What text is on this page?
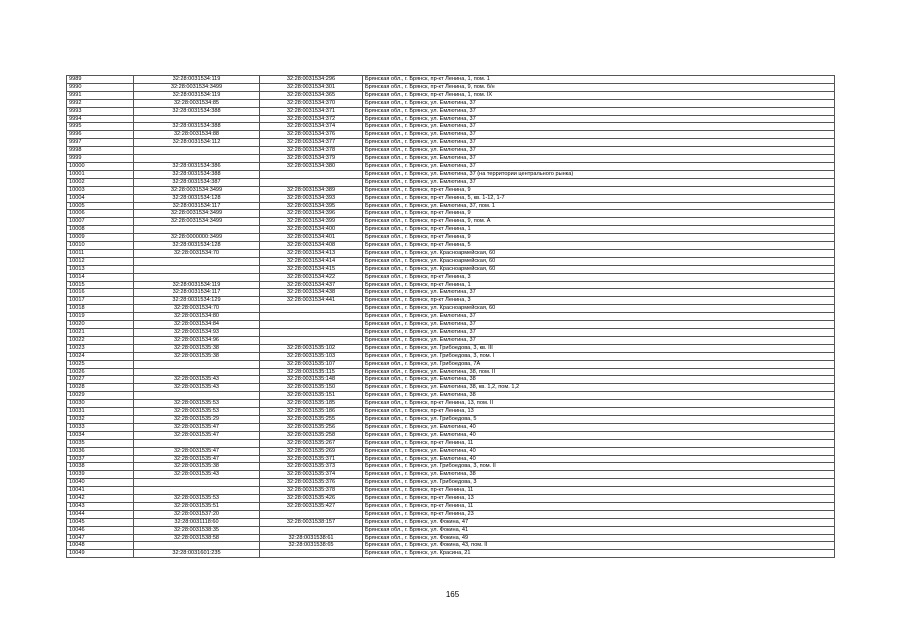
9989	32:28:0031534:119	32:28:0031534:296	Брянская обл., г. Брянск, пр-кт Ленина, 1, пом. 1
9990	32:28:0031534:3499	32:28:0031534:301	Брянская обл., г. Брянск, пр-кт Ленина, 9, пом. б/н
9991	32:28:0031534:119	32:28:0031534:365	Брянская обл., г. Брянск, пр-кт Ленина, 1, пом. IX
9992	32:28:0031534:85	32:28:0031534:370	Брянская обл., г. Брянск, ул. Емлютина, 37
9993	32:28:0031534:388	32:28:0031534:371	Брянская обл., г. Брянск, ул. Емлютина, 37
9994		32:28:0031534:372	Брянская обл., г. Брянск, ул. Емлютина, 37
9995	32:28:0031534:388	32:28:0031534:374	Брянская обл., г. Брянск, ул. Емлютина, 37
9996	32:28:0031534:88	32:28:0031534:376	Брянская обл., г. Брянск, ул. Емлютина, 37
9997	32:28:0031534:112	32:28:0031534:377	Брянская обл., г. Брянск, ул. Емлютина, 37
9998		32:28:0031534:378	Брянская обл., г. Брянск, ул. Емлютина, 37
9999		32:28:0031534:379	Брянская обл., г. Брянск, ул. Емлютина, 37
10000	32:28:0031534:386	32:28:0031534:380	Брянская обл., г. Брянск, ул. Емлютина, 37
10001	32:28:0031534:388		Брянская обл., г. Брянск, ул. Емлютина, 37 (на территории центрального рынка)
10002	32:28:0031534:387		Брянская обл., г. Брянск, ул. Емлютина, 37
10003	32:28:0031534:3499	32:28:0031534:389	Брянская обл., г. Брянск, пр-кт Ленина, 9
10004	32:28:0031534:128	32:28:0031534:393	Брянская обл., г. Брянск, пр-кт Ленина, 5, кв. 1-12, 1-7
10005	32:28:0031534:117	32:28:0031534:395	Брянская обл., г. Брянск, ул. Емлютина, 37, пом. 1
10006	32:28:0031534:3499	32:28:0031534:396	Брянская обл., г. Брянск, пр-кт Ленина, 9
10007	32:28:0031534:3499	32:28:0031534:399	Брянская обл., г. Брянск, пр-кт Ленина, 9, пом. А
10008		32:28:0031534:400	Брянская обл., г. Брянск, пр-кт Ленина, 1
10009	32:28:0000000:3499	32:28:0031534:401	Брянская обл., г. Брянск, пр-кт Ленина, 9
10010	32:28:0031534:128	32:28:0031534:408	Брянская обл., г. Брянск, пр-кт Ленина, 5
10011	32:28:0031534:70	32:28:0031534:413	Брянская обл., г. Брянск, ул. Красноармейская, 60
10012		32:28:0031534:414	Брянская обл., г. Брянск, ул. Красноармейская, 60
10013		32:28:0031534:415	Брянская обл., г. Брянск, ул. Красноармейская, 60
10014		32:28:0031534:422	Брянская обл., г. Брянск, пр-кт Ленина, 3
10015	32:28:0031534:119	32:28:0031534:437	Брянская обл., г. Брянск, пр-кт Ленина, 1
10016	32:28:0031534:117	32:28:0031534:438	Брянская обл., г. Брянск, ул. Емлютина, 37
10017	32:28:0031534:129	32:28:0031534:441	Брянская обл., г. Брянск, пр-кт Ленина, 3
10018	32:28:0031534:70		Брянская обл., г. Брянск, ул. Красноармейская, 60
10019	32:28:0031534:80		Брянская обл., г. Брянск, ул. Емлютина, 37
10020	32:28:0031534:84		Брянская обл., г. Брянск, ул. Емлютина, 37
10021	32:28:0031534:93		Брянская обл., г. Брянск, ул. Емлютина, 37
10022	32:28:0031534:96		Брянская обл., г. Брянск, ул. Емлютина, 37
10023	32:28:0031535:38	32:28:0031535:102	Брянская обл., г. Брянск, ул. Грибоедова, 3, кв. III
10024	32:28:0031535:38	32:28:0031535:103	Брянская обл., г. Брянск, ул. Грибоедова, 3, пом. I
10025		32:28:0031535:107	Брянская обл., г. Брянск, ул. Грибоедова, 7А
10026		32:28:0031535:115	Брянская обл., г. Брянск, ул. Емлютина, 38, пом. II
10027	32:28:0031535:43	32:28:0031535:148	Брянская обл., г. Брянск, ул. Емлютина, 38
10028	32:28:0031535:43	32:28:0031535:150	Брянская обл., г. Брянск, ул. Емлютина, 38, кв. 1,2, пом. 1,2
10029		32:28:0031535:151	Брянская обл., г. Брянск, ул. Емлютина, 38
10030	32:28:0031535:53	32:28:0031535:185	Брянская обл., г. Брянск, пр-кт Ленина, 13, пом. II
10031	32:28:0031535:53	32:28:0031535:186	Брянская обл., г. Брянск, пр-кт Ленина, 13
10032	32:28:0031535:29	32:28:0031535:255	Брянская обл., г. Брянск, ул. Грибоедова, 5
10033	32:28:0031535:47	32:28:0031535:256	Брянская обл., г. Брянск, ул. Емлютина, 40
10034	32:28:0031535:47	32:28:0031535:258	Брянская обл., г. Брянск, ул. Емлютина, 40
10035		32:28:0031535:267	Брянская обл., г. Брянск, пр-кт Ленина, 11
10036	32:28:0031535:47	32:28:0031535:269	Брянская обл., г. Брянск, ул. Емлютина, 40
10037	32:28:0031535:47	32:28:0031535:371	Брянская обл., г. Брянск, ул. Емлютина, 40
10038	32:28:0031535:38	32:28:0031535:373	Брянская обл., г. Брянск, ул. Грибоедова, 3, пом. II
10039	32:28:0031535:43	32:28:0031535:374	Брянская обл., г. Брянск, ул. Емлютина, 38
10040		32:28:0031535:376	Брянская обл., г. Брянск, ул. Грибоедова, 3
10041		32:28:0031535:378	Брянская обл., г. Брянск, пр-кт Ленина, 11
10042	32:28:0031535:53	32:28:0031535:426	Брянская обл., г. Брянск, пр-кт Ленина, 13
10043	32:28:0031535:51	32:28:0031535:427	Брянская обл., г. Брянск, пр-кт Ленина, 11
10044	32:28:0031537:20		Брянская обл., г. Брянск, пр-кт Ленина, 23
10045	32:28:0031118:60	32:28:0031538:157	Брянская обл., г. Брянск, ул. Фокина, 47
10046	32:28:0031538:35		Брянская обл., г. Брянск, ул. Фокина, 41
10047	32:28:0031538:58	32:28:0031538:61	Брянская обл., г. Брянск, ул. Фокина, 49
10048		32:28:0031538:65	Брянская обл., г. Брянск, ул. Фокина, 43, пом. II
10049	32:28:0031601:235		Брянская обл., г. Брянск, ул. Красина, 21
165
